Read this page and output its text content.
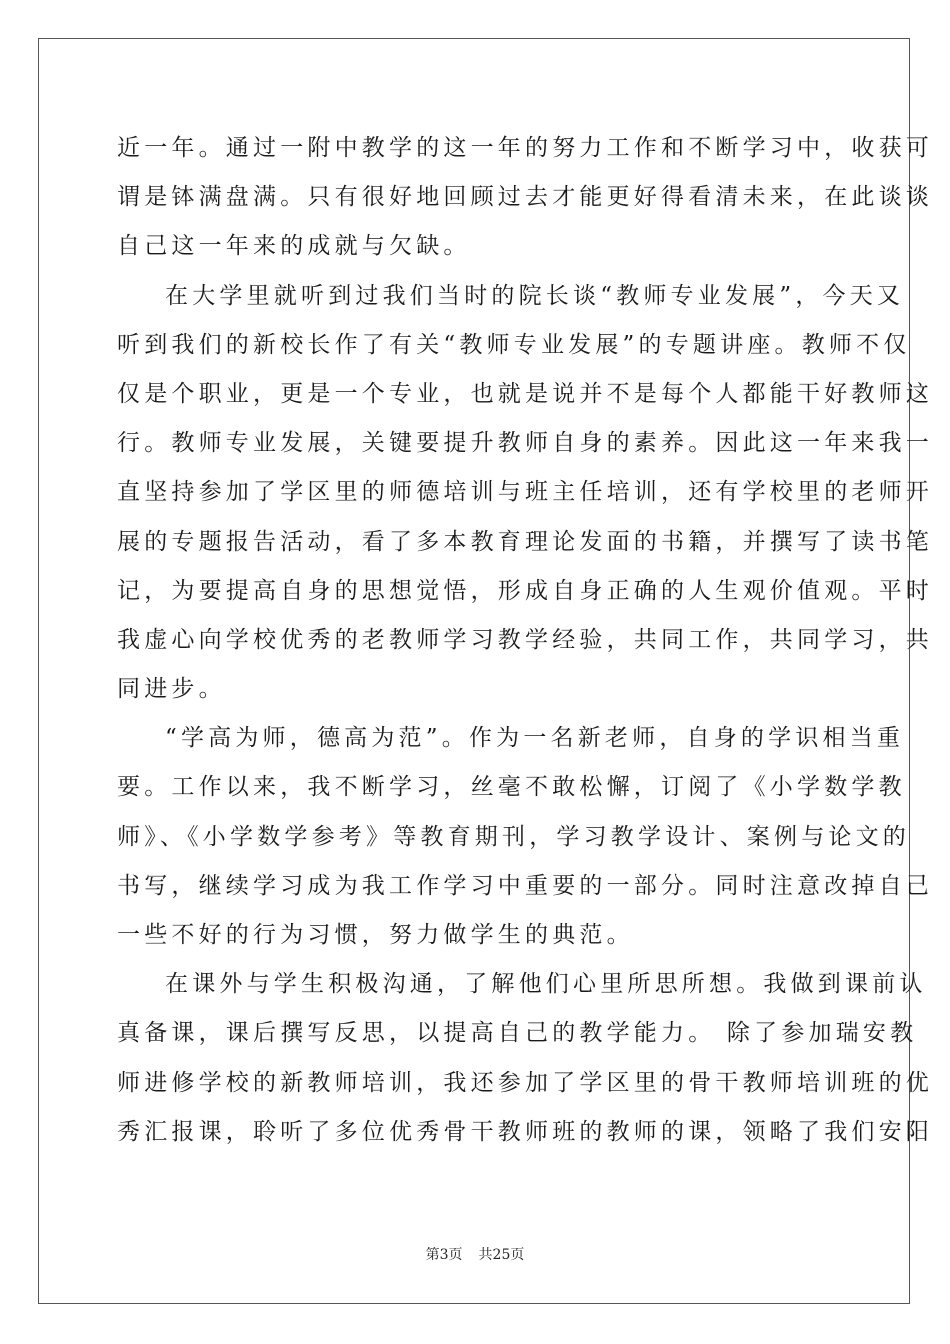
近一年。通过一附中教学的这一年的努力工作和不断学习中，收获可
谓是钵满盘满。只有很好地回顾过去才能更好得看清未来，在此谈谈
自己这一年来的成就与欠缺。
在大学里就听到过我们当时的院长谈“教师专业发展”，今天又
听到我们的新校长作了有关“教师专业发展”的专题讲座。教师不仅
仅是个职业，更是一个专业，也就是说并不是每个人都能干好教师这
行。教师专业发展，关键要提升教师自身的素养。因此这一年来我一
直坚持参加了学区里的师德培训与班主任培训，还有学校里的老师开
展的专题报告活动，看了多本教育理论发面的书籍，并撰写了读书笔
记，为要提高自身的思想觉悟，形成自身正确的人生观价值观。平时
我虚心向学校优秀的老教师学习教学经验，共同工作，共同学习，共
同进步。
“学高为师，德高为范”。作为一名新老师，自身的学识相当重
要。工作以来，我不断学习，丝毫不敢松懈，订阅了《小学数学教
师》、《小学数学参考》等教育期刊，学习教学设计、案例与论文的
书写，继续学习成为我工作学习中重要的一部分。同时注意改掉自己
一些不好的行为习惯，努力做学生的典范。
在课外与学生积极沟通，了解他们心里所思所想。我做到课前认
真备课，课后撰写反思，以提高自己的教学能力。 除了参加瑞安教
师进修学校的新教师培训，我还参加了学区里的骨干教师培训班的优
秀汇报课，聆听了多位优秀骨干教师班的教师的课，领略了我们安阳
第3页 共25页
